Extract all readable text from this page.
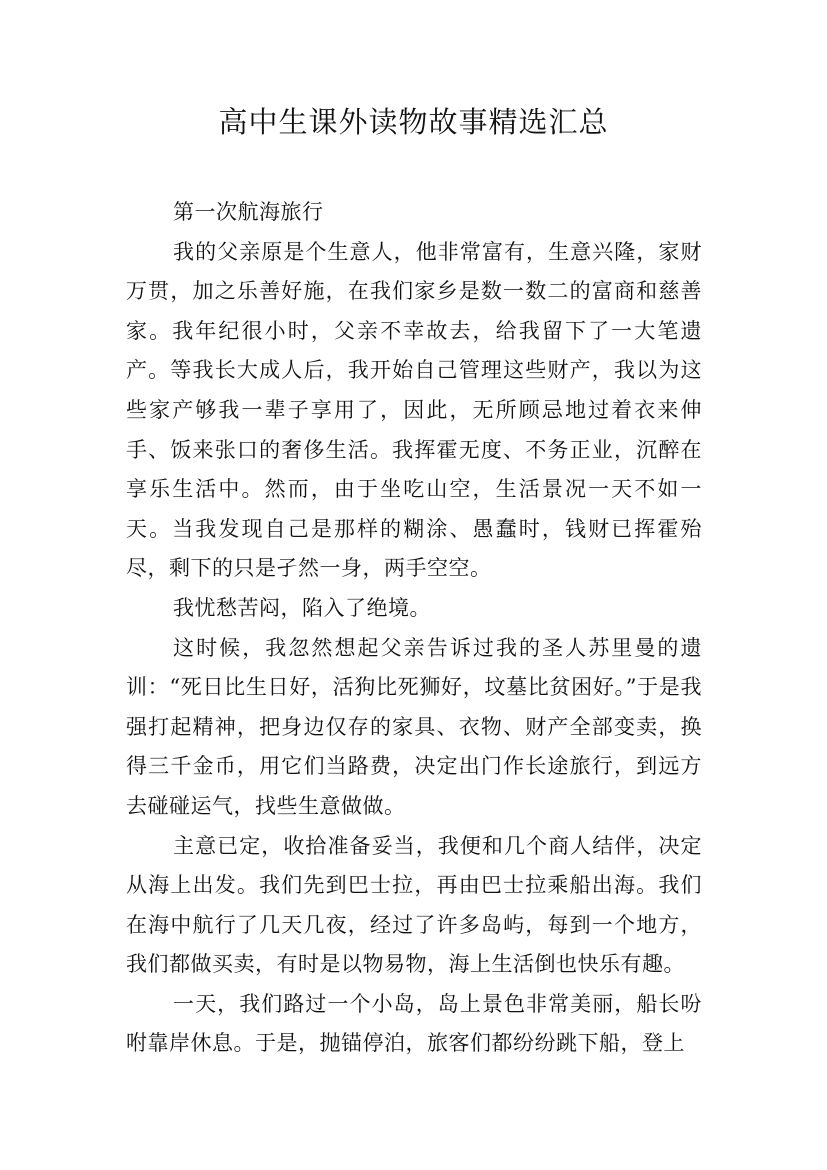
高中生课外读物故事精选汇总

第一次航海旅行

我的父亲原是个生意人，他非常富有，生意兴隆，家财万贯，加之乐善好施，在我们家乡是数一数二的富商和慈善家。我年纪很小时，父亲不幸故去，给我留下了一大笔遗产。等我长大成人后，我开始自己管理这些财产，我以为这些家产够我一辈子享用了，因此，无所顾忌地过着衣来伸手、饭来张口的奢侈生活。我挥霍无度、不务正业，沉醉在享乐生活中。然而，由于坐吃山空，生活景况一天不如一天。当我发现自己是那样的糊涂、愚蠢时，钱财已挥霍殆尽，剩下的只是孑然一身，两手空空。

我忧愁苦闷，陷入了绝境。

这时候，我忽然想起父亲告诉过我的圣人苏里曼的遗训：“死日比生日好，活狗比死狮好，坟墓比贫困好。”于是我强打起精神，把身边仅存的家具、衣物、财产全部变卖，换得三千金币，用它们当路费，决定出门作长途旅行，到远方去碰碰运气，找些生意做做。

主意已定，收拾准备妥当，我便和几个商人结伴，决定从海上出发。我们先到巴士拉，再由巴士拉乘船出海。我们在海中航行了几天几夜，经过了许多岛屿，每到一个地方，我们都做买卖，有时是以物易物，海上生活倒也快乐有趣。

一天，我们路过一个小岛，岛上景色非常美丽，船长吩咐靠岸休息。于是，抛锚停泊，旅客们都纷纷跳下船，登上
